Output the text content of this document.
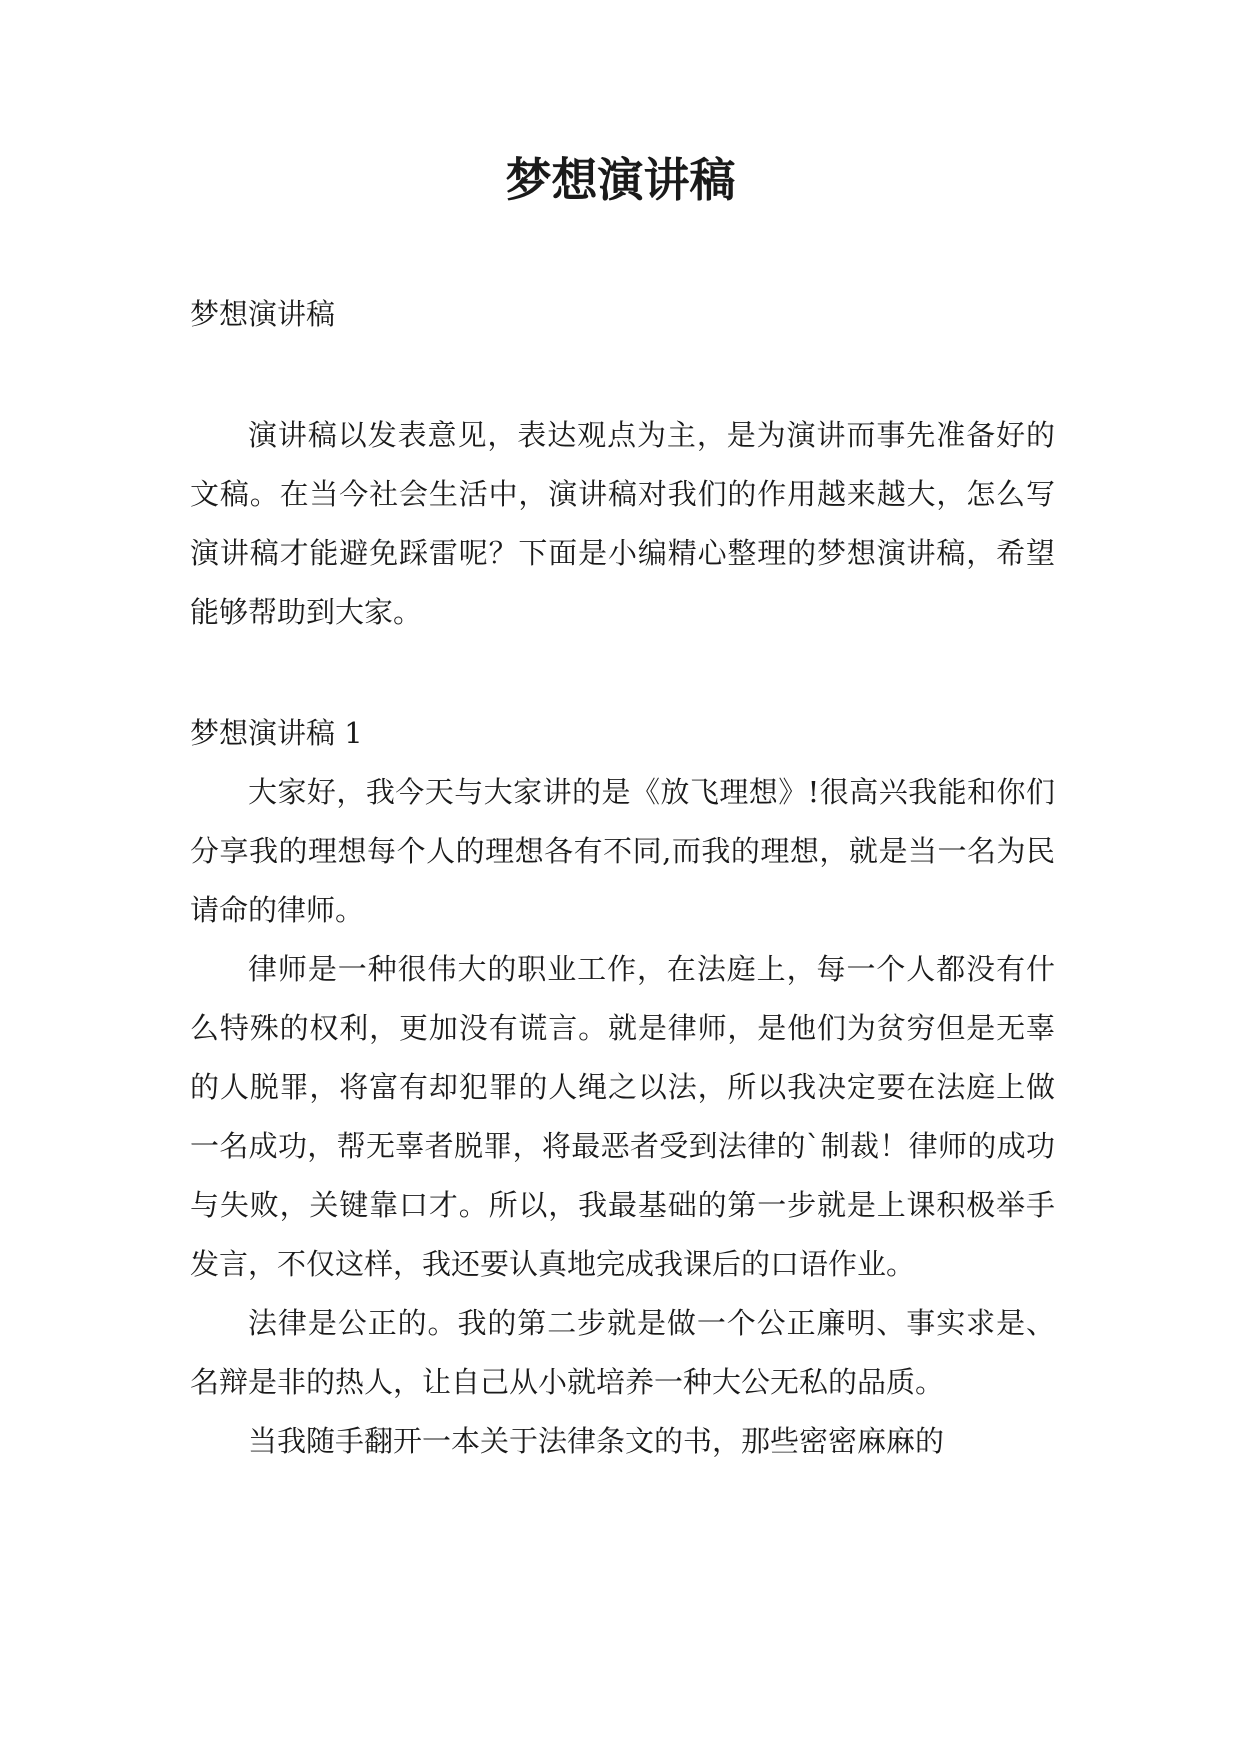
梦想演讲稿

梦想演讲稿

演讲稿以发表意见，表达观点为主，是为演讲而事先准备好的文稿。在当今社会生活中，演讲稿对我们的作用越来越大，怎么写演讲稿才能避免踩雷呢？下面是小编精心整理的梦想演讲稿，希望能够帮助到大家。

梦想演讲稿 1

大家好，我今天与大家讲的是《放飞理想》!很高兴我能和你们分享我的理想每个人的理想各有不同,而我的理想，就是当一名为民请命的律师。

律师是一种很伟大的职业工作，在法庭上，每一个人都没有什么特殊的权利，更加没有谎言。就是律师，是他们为贫穷但是无辜的人脱罪，将富有却犯罪的人绳之以法，所以我决定要在法庭上做一名成功，帮无辜者脱罪，将最恶者受到法律的`制裁！律师的成功与失败，关键靠口才。所以，我最基础的第一步就是上课积极举手发言，不仅这样，我还要认真地完成我课后的口语作业。

法律是公正的。我的第二步就是做一个公正廉明、事实求是、名辩是非的热人，让自己从小就培养一种大公无私的品质。

当我随手翻开一本关于法律条文的书，那些密密麻麻的
